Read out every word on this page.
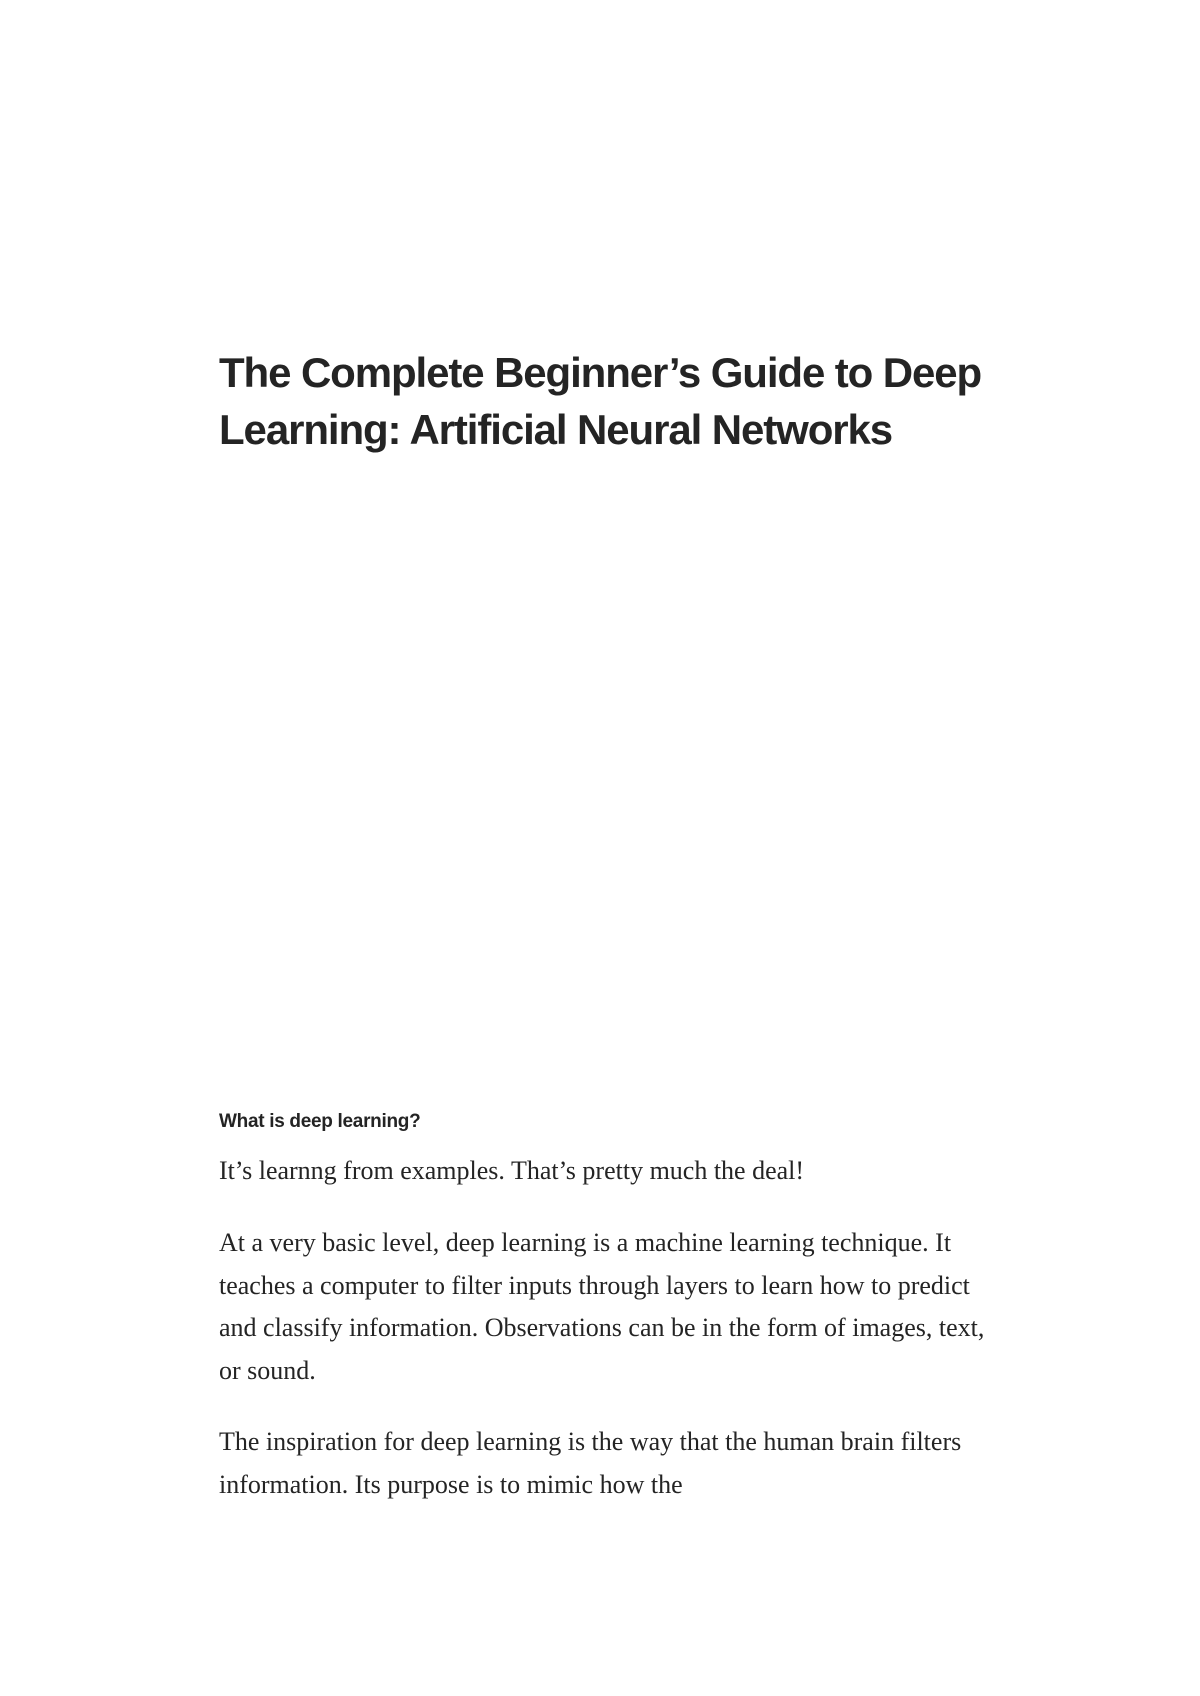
The Complete Beginner’s Guide to Deep Learning: Artificial Neural Networks
What is deep learning?

It’s learnng from examples. That’s pretty much the deal!

At a very basic level, deep learning is a machine learning technique. It teaches a computer to filter inputs through layers to learn how to predict and classify information. Observations can be in the form of images, text, or sound.

The inspiration for deep learning is the way that the human brain filters information. Its purpose is to mimic how the
